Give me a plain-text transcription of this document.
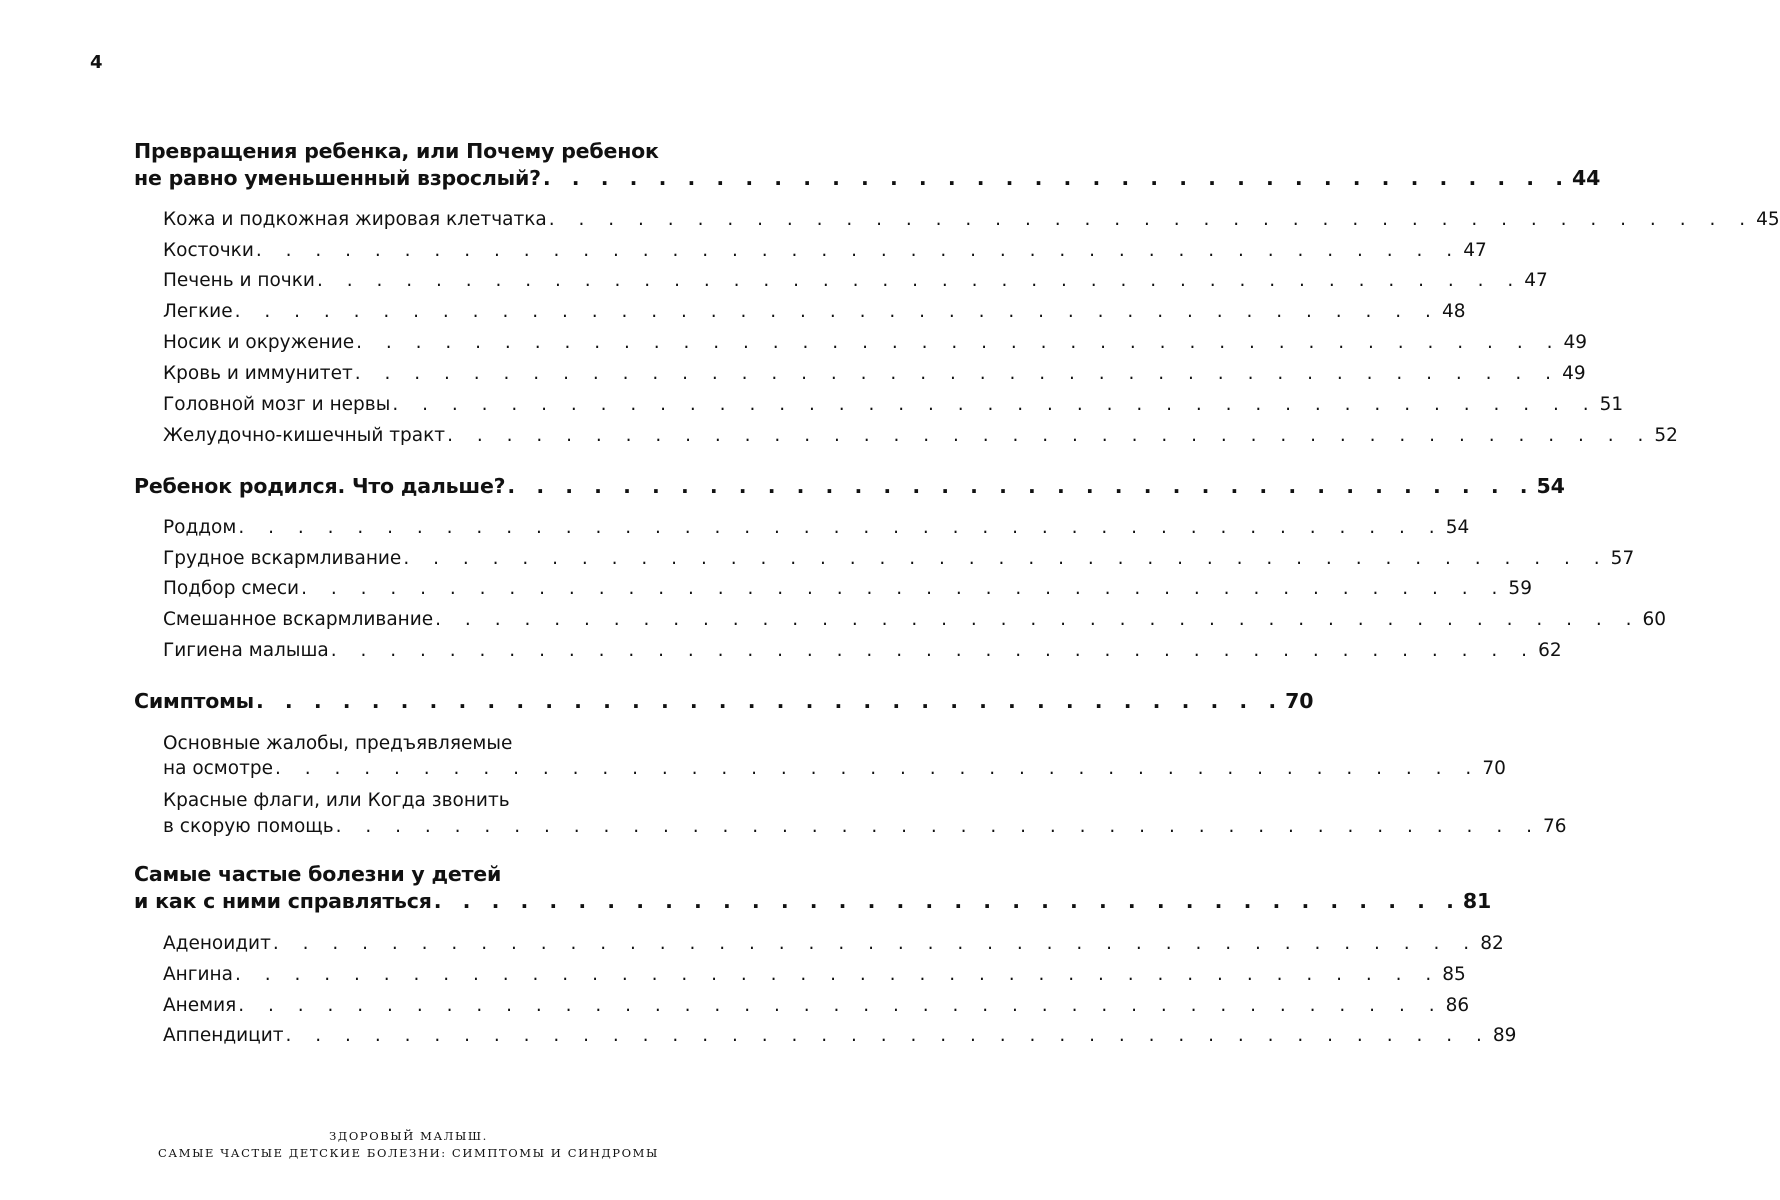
4
Превращения ребенка, или Почему ребенок
не равно уменьшенный взрослый? . . . . . . . . . . . . . . . . . . . . . . . . . . . . . . . . . . . . 44
Кожа и подкожная жировая клетчатка . . . . . . . . . . . . . . . . . . . . . . . . . . . . . . . . . . . . . . . . . 45
Косточки . . . . . . . . . . . . . . . . . . . . . . . . . . . . . . . . . . . . . . . . . 47
Печень и почки . . . . . . . . . . . . . . . . . . . . . . . . . . . . . . . . . . . . . . . . . 47
Легкие . . . . . . . . . . . . . . . . . . . . . . . . . . . . . . . . . . . . . . . . . 48
Носик и окружение . . . . . . . . . . . . . . . . . . . . . . . . . . . . . . . . . . . . . . . . . 49
Кровь и иммунитет . . . . . . . . . . . . . . . . . . . . . . . . . . . . . . . . . . . . . . . . . 49
Головной мозг и нервы . . . . . . . . . . . . . . . . . . . . . . . . . . . . . . . . . . . . . . . . . 51
Желудочно-кишечный тракт . . . . . . . . . . . . . . . . . . . . . . . . . . . . . . . . . . . . . . . . . 52
Ребенок родился. Что дальше? . . . . . . . . . . . . . . . . . . . . . . . . . . . . . . . . . . . . 54
Роддом . . . . . . . . . . . . . . . . . . . . . . . . . . . . . . . . . . . . . . . . . 54
Грудное вскармливание . . . . . . . . . . . . . . . . . . . . . . . . . . . . . . . . . . . . . . . . . 57
Подбор смеси . . . . . . . . . . . . . . . . . . . . . . . . . . . . . . . . . . . . . . . . . 59
Смешанное вскармливание . . . . . . . . . . . . . . . . . . . . . . . . . . . . . . . . . . . . . . . . . 60
Гигиена малыша . . . . . . . . . . . . . . . . . . . . . . . . . . . . . . . . . . . . . . . . . 62
Симптомы . . . . . . . . . . . . . . . . . . . . . . . . . . . . . . . . . . . . 70
Основные жалобы, предъявляемые
на осмотре . . . . . . . . . . . . . . . . . . . . . . . . . . . . . . . . . . . . . . . . . 70
Красные флаги, или Когда звонить
в скорую помощь . . . . . . . . . . . . . . . . . . . . . . . . . . . . . . . . . . . . . . . . . 76
Самые частые болезни у детей
и как с ними справляться . . . . . . . . . . . . . . . . . . . . . . . . . . . . . . . . . . . . 81
Аденоидит . . . . . . . . . . . . . . . . . . . . . . . . . . . . . . . . . . . . . . . . . 82
Ангина . . . . . . . . . . . . . . . . . . . . . . . . . . . . . . . . . . . . . . . . . 85
Анемия . . . . . . . . . . . . . . . . . . . . . . . . . . . . . . . . . . . . . . . . . 86
Аппендицит . . . . . . . . . . . . . . . . . . . . . . . . . . . . . . . . . . . . . . . . . 89
ЗДОРОВЫЙ МАЛЫШ.
САМЫЕ ЧАСТЫЕ ДЕТСКИЕ БОЛЕЗНИ: СИМПТОМЫ И СИНДРОМЫ
